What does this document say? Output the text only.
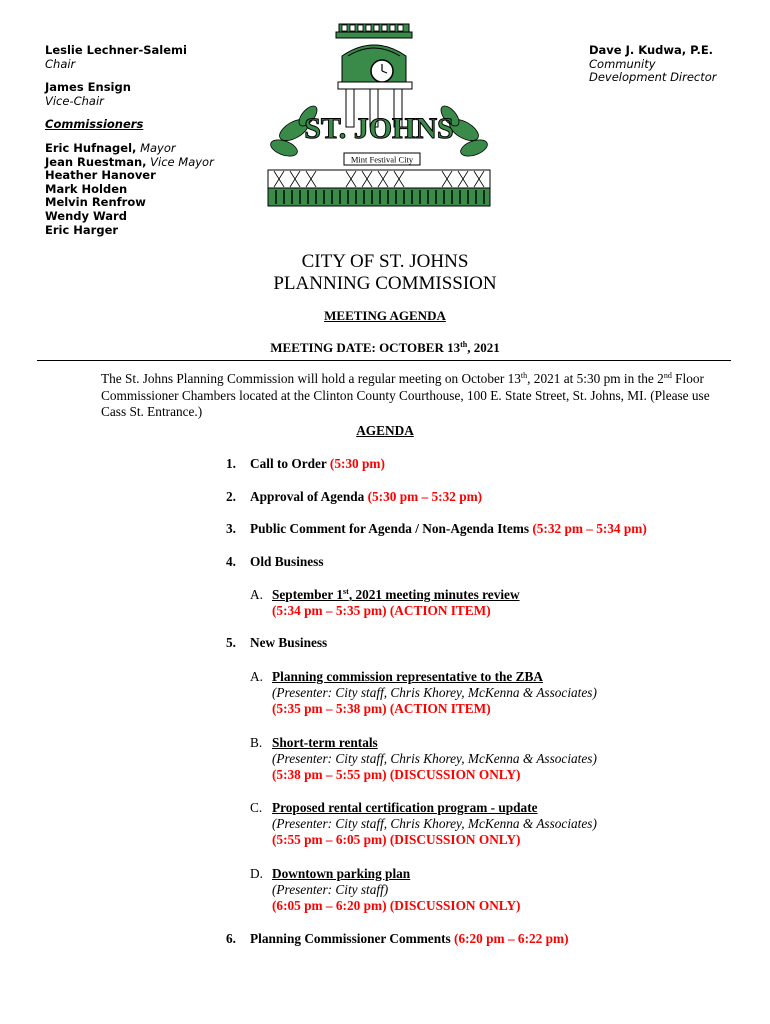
Leslie Lechner-Salemi
Chair
James Ensign
Vice-Chair
Commissioners
Eric Hufnagel, Mayor
Jean Ruestman, Vice Mayor
Heather Hanover
Mark Holden
Melvin Renfrow
Wendy Ward
Eric Harger
Dave J. Kudwa, P.E.
Community
Development Director
ST. JOHNS
Mint Festival City
CITY OF ST. JOHNS
PLANNING COMMISSION
MEETING AGENDA
MEETING DATE: OCTOBER 13th, 2021
The St. Johns Planning Commission will hold a regular meeting on October 13th, 2021 at 5:30 pm in the 2nd Floor Commissioner Chambers located at the Clinton County Courthouse, 100 E. State Street, St. Johns, MI. (Please use Cass St. Entrance.)
AGENDA
1. Call to Order (5:30 pm)
2. Approval of Agenda (5:30 pm – 5:32 pm)
3. Public Comment for Agenda / Non-Agenda Items (5:32 pm – 5:34 pm)
4. Old Business
A. September 1st, 2021 meeting minutes review
(5:34 pm – 5:35 pm) (ACTION ITEM)
5. New Business
A. Planning commission representative to the ZBA
(Presenter: City staff, Chris Khorey, McKenna & Associates)
(5:35 pm – 5:38 pm) (ACTION ITEM)
B. Short-term rentals
(Presenter: City staff, Chris Khorey, McKenna & Associates)
(5:38 pm – 5:55 pm) (DISCUSSION ONLY)
C. Proposed rental certification program - update
(Presenter: City staff, Chris Khorey, McKenna & Associates)
(5:55 pm – 6:05 pm) (DISCUSSION ONLY)
D. Downtown parking plan
(Presenter: City staff)
(6:05 pm – 6:20 pm) (DISCUSSION ONLY)
6. Planning Commissioner Comments (6:20 pm – 6:22 pm)
